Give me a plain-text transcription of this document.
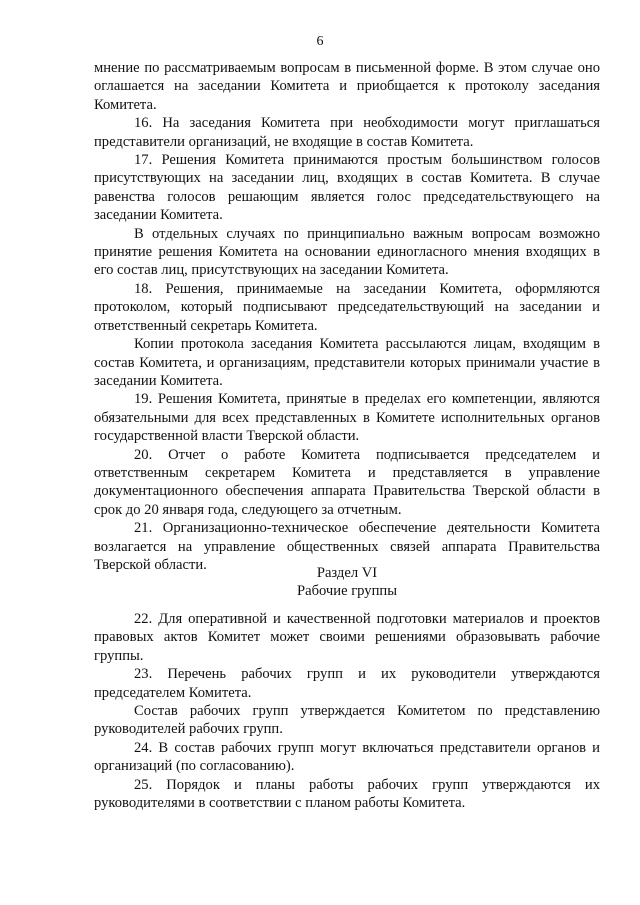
6

мнение по рассматриваемым вопросам в письменной форме. В этом случае оно оглашается на заседании Комитета и приобщается к протоколу заседания Комитета.

16. На заседания Комитета при необходимости могут приглашаться представители организаций, не входящие в состав Комитета.

17. Решения Комитета принимаются простым большинством голосов присутствующих на заседании лиц, входящих в состав Комитета. В случае равенства голосов решающим является голос председательствующего на заседании Комитета.

В отдельных случаях по принципиально важным вопросам возможно принятие решения Комитета на основании единогласного мнения входящих в его состав лиц, присутствующих на заседании Комитета.

18. Решения, принимаемые на заседании Комитета, оформляются протоколом, который подписывают председательствующий на заседании и ответственный секретарь Комитета.

Копии протокола заседания Комитета рассылаются лицам, входящим в состав Комитета, и организациям, представители которых принимали участие в заседании Комитета.

19. Решения Комитета, принятые в пределах его компетенции, являются обязательными для всех представленных в Комитете исполнительных органов государственной власти Тверской области.

20. Отчет о работе Комитета подписывается председателем и ответственным секретарем Комитета и представляется в управление документационного обеспечения аппарата Правительства Тверской области в срок до 20 января года, следующего за отчетным.

21. Организационно-техническое обеспечение деятельности Комитета возлагается на управление общественных связей аппарата Правительства Тверской области.

Раздел VI
Рабочие группы

22. Для оперативной и качественной подготовки материалов и проектов правовых актов Комитет может своими решениями образовывать рабочие группы.

23. Перечень рабочих групп и их руководители утверждаются председателем Комитета.

Состав рабочих групп утверждается Комитетом по представлению руководителей рабочих групп.

24. В состав рабочих групп могут включаться представители органов и организаций (по согласованию).

25. Порядок и планы работы рабочих групп утверждаются их руководителями в соответствии с планом работы Комитета.
